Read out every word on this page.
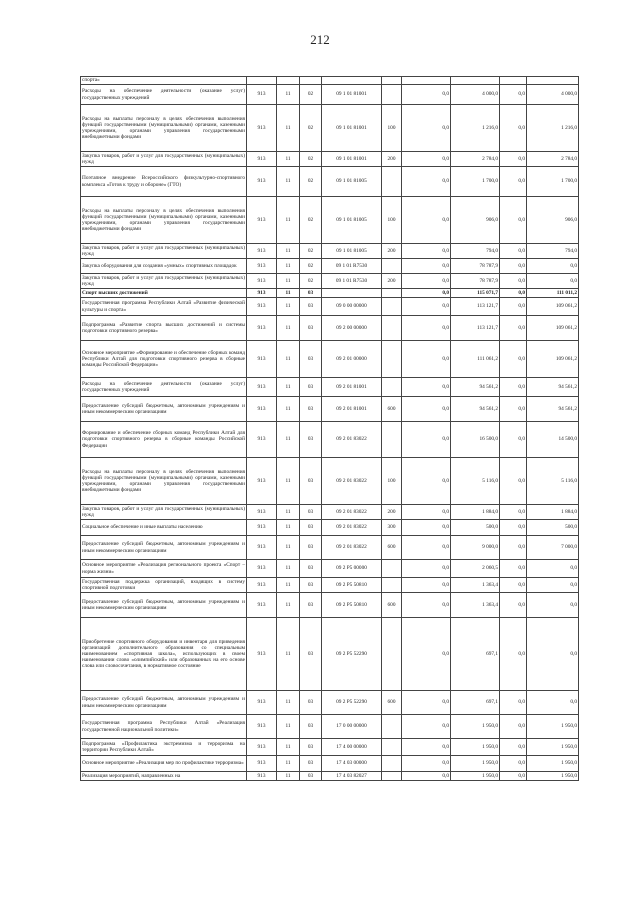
212
спорта»									
Расходы на обеспечение деятельности (оказание услуг) государственных учреждений	913	11	02	09 1 01 81001		0,0	4 000,0	0,0	4 000,0
Расходы на выплаты персоналу в целях обеспечения выполнения функций государственными (муниципальными) органами, казенными учреждениями, органами управления государственными внебюджетными фондами	913	11	02	09 1 01 81001	100	0,0	1 216,0	0,0	1 216,0
Закупка товаров, работ и услуг для государственных (муниципальных) нужд	913	11	02	09 1 01 81001	200	0,0	2 784,0	0,0	2 784,0
Поэтапное внедрение Всероссийского физкультурно-спортивного комплекса «Готов к труду и обороне» (ГТО)	913	11	02	09 1 01 81005		0,0	1 700,0	0,0	1 700,0
Расходы на выплаты персоналу в целях обеспечения выполнения функций государственными (муниципальными) органами, казенными учреждениями, органами управления государственными внебюджетными фондами	913	11	02	09 1 01 81005	100	0,0	906,0	0,0	906,0
Закупка товаров, работ и услуг для государственных (муниципальных) нужд	913	11	02	09 1 01 81005	200	0,0	794,0	0,0	794,0
Закупка оборудования для создания «умных» спортивных площадок	913	11	02	09 1 01 R7530		0,0	78 787,9	0,0	0,0
Закупка товаров, работ и услуг для государственных (муниципальных) нужд	913	11	02	09 1 01 R7530	200	0,0	78 787,9	0,0	0,0
Спорт высших достижений	913	11	03			0,0	115 071,7	0,0	111 011,2
Государственная программа Республики Алтай «Развитие физической культуры и спорта»	913	11	03	09 0 00 00000		0,0	113 121,7	0,0	109 061,2
Подпрограмма «Развитие спорта высших достижений и системы подготовки спортивного резерва»	913	11	03	09 2 00 00000		0,0	113 121,7	0,0	109 061,2
Основное мероприятие «Формирование и обеспечение сборных команд Республики Алтай для подготовки спортивного резерва в сборные команды Российской Федерации»	913	11	03	09 2 01 00000		0,0	111 061,2	0,0	109 061,2
Расходы на обеспечение деятельности (оказание услуг) государственных учреждений	913	11	03	09 2 01 81001		0,0	94 561,2	0,0	94 561,2
Предоставление субсидий бюджетным, автономным учреждениям и иным некоммерческим организациям	913	11	03	09 2 01 81001	600	0,0	94 561,2	0,0	94 561,2
Формирование и обеспечение сборных команд Республики Алтай для подготовки спортивного резерва в сборные команды Российской Федерации	913	11	03	09 2 01 83022		0,0	16 500,0	0,0	14 500,0
Расходы на выплаты персоналу в целях обеспечения выполнения функций государственными (муниципальными) органами, казенными учреждениями, органами управления государственными внебюджетными фондами	913	11	03	09 2 01 83022	100	0,0	5 116,0	0,0	5 116,0
Закупка товаров, работ и услуг для государственных (муниципальных) нужд	913	11	03	09 2 01 83022	200	0,0	1 884,0	0,0	1 884,0
Социальное обеспечение и иные выплаты населению	913	11	03	09 2 01 83022	300	0,0	500,0	0,0	500,0
Предоставление субсидий бюджетным, автономным учреждениям и иным некоммерческим организациям	913	11	03	09 2 01 83022	600	0,0	9 000,0	0,0	7 000,0
Основное мероприятие «Реализация регионального проекта «Спорт – норма жизни»	913	11	03	09 2 P5 00000		0,0	2 060,5	0,0	0,0
Государственная поддержка организаций, входящих в систему спортивной подготовки	913	11	03	09 2 P5 50810		0,0	1 363,4	0,0	0,0
Предоставление субсидий бюджетным, автономным учреждениям и иным некоммерческим организациям	913	11	03	09 2 P5 50810	600	0,0	1 363,4	0,0	0,0
Приобретение спортивного оборудования и инвентаря для приведения организаций дополнительного образования со специальным наименованием «спортивная школа», использующих в своем наименовании слово «олимпийский» или образованных на его основе слова или словосочетания, в нормативное состояние	913	11	03	09 2 P5 52290		0,0	697,1	0,0	0,0
Предоставление субсидий бюджетным, автономным учреждениям и иным некоммерческим организациям	913	11	03	09 2 P5 52290	600	0,0	697,1	0,0	0,0
Государственная программа Республики Алтай «Реализация государственной национальной политики»	913	11	03	17 0 00 00000		0,0	1 950,0	0,0	1 950,0
Подпрограмма «Профилактика экстремизма и терроризма на территории Республики Алтай»	913	11	03	17 4 00 00000		0,0	1 950,0	0,0	1 950,0
Основное мероприятие «Реализация мер по профилактике терроризма»	913	11	03	17 4 03 00000		0,0	1 950,0	0,0	1 950,0
Реализация мероприятий, направленных на	913	11	03	17 4 03 82027		0,0	1 950,0	0,0	1 950,0
